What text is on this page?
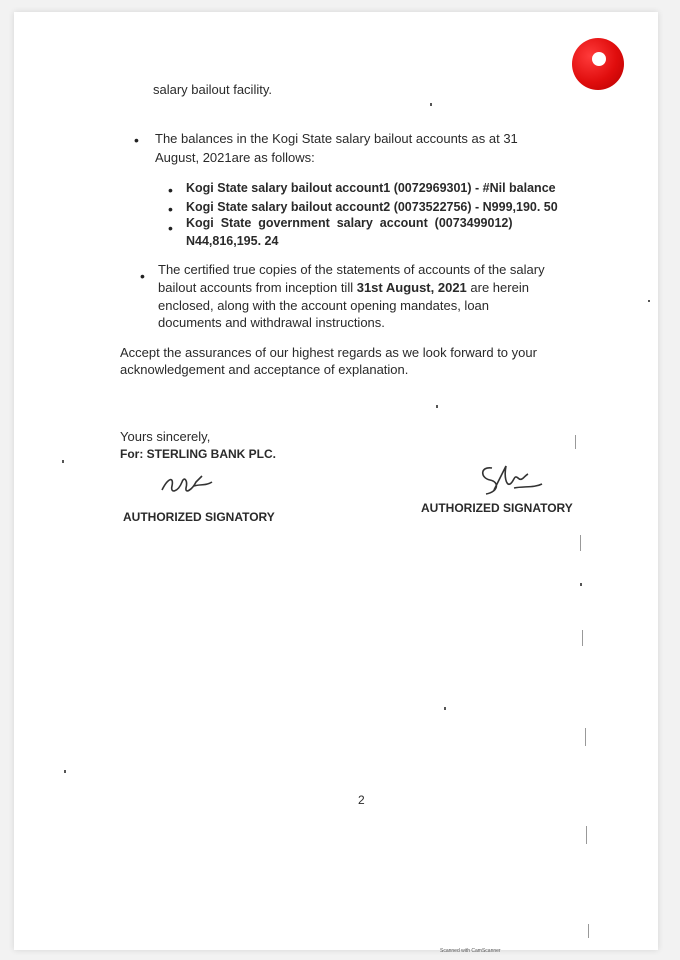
salary bailout facility.
• The balances in the Kogi State salary bailout accounts as at 31
August, 2021are as follows:
• Kogi State salary bailout account1 (0072969301) - #Nil balance
• Kogi State salary bailout account2 (0073522756) - N999,190. 50
• Kogi  State  government  salary  account  (0073499012)
N44,816,195. 24
• The certified true copies of the statements of accounts of the salary
bailout accounts from inception till 31st August, 2021 are herein
enclosed, along with the account opening mandates, loan
documents and withdrawal instructions.
Accept the assurances of our highest regards as we look forward to your
acknowledgement and acceptance of explanation.
Yours sincerely,
For: STERLING BANK PLC.
AUTHORIZED SIGNATORY
AUTHORIZED SIGNATORY
2
Scanned with CamScanner
